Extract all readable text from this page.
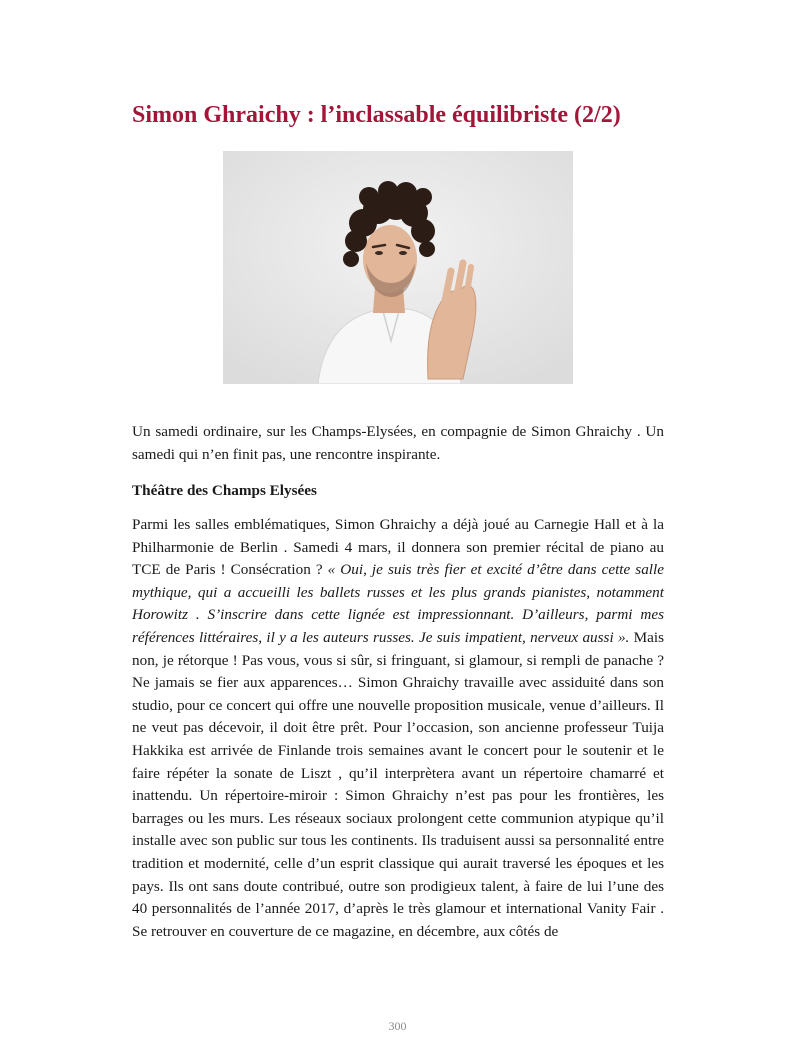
Simon Ghraichy : l’inclassable équilibriste (2/2)

Un samedi ordinaire, sur les Champs-Elysées, en compagnie de Simon Ghraichy . Un samedi qui n’en finit pas, une rencontre inspirante.

Théâtre des Champs Elysées

Parmi les salles emblématiques, Simon Ghraichy a déjà joué au Carnegie Hall et à la Philharmonie de Berlin . Samedi 4 mars, il donnera son premier récital de piano au TCE de Paris ! Consécration ? « Oui, je suis très fier et excité d’être dans cette salle mythique, qui a accueilli les ballets russes et les plus grands pianistes, notamment Horowitz . S’inscrire dans cette lignée est impressionnant. D’ailleurs, parmi mes références littéraires, il y a les auteurs russes. Je suis impatient, nerveux aussi ». Mais non, je rétorque ! Pas vous, vous si sûr, si fringuant, si glamour, si rempli de panache ? Ne jamais se fier aux apparences… Simon Ghraichy travaille avec assiduité dans son studio, pour ce concert qui offre une nouvelle proposition musicale, venue d’ailleurs. Il ne veut pas décevoir, il doit être prêt. Pour l’occasion, son ancienne professeur Tuija Hakkika est arrivée de Finlande trois semaines avant le concert pour le soutenir et le faire répéter la sonate de Liszt , qu’il interprètera avant un répertoire chamarré et inattendu. Un répertoire-miroir : Simon Ghraichy n’est pas pour les frontières, les barrages ou les murs. Les réseaux sociaux prolongent cette communion atypique qu’il installe avec son public sur tous les continents. Ils traduisent aussi sa personnalité entre tradition et modernité, celle d’un esprit classique qui aurait traversé les époques et les pays. Ils ont sans doute contribué, outre son prodigieux talent, à faire de lui l’une des 40 personnalités de l’année 2017, d’après le très glamour et international Vanity Fair . Se retrouver en couverture de ce magazine, en décembre, aux côtés de

300
